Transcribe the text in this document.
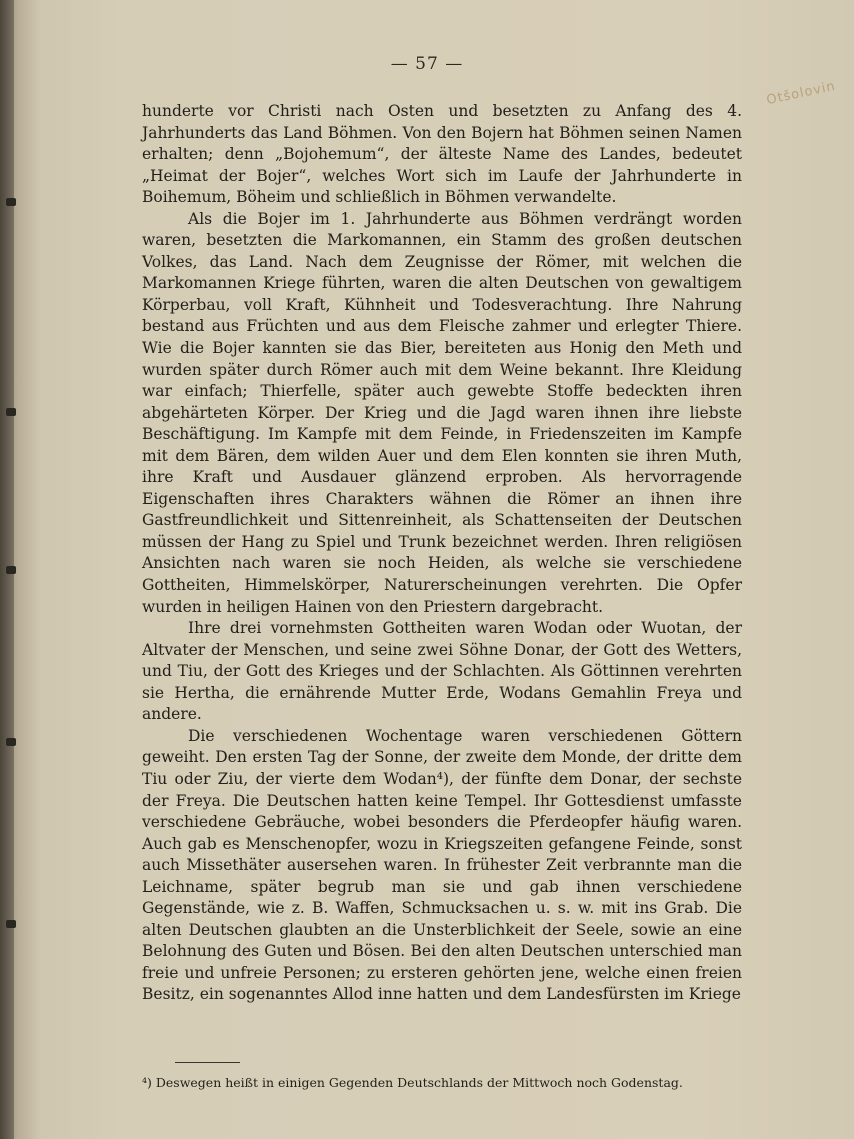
— 57 —
Otšolovin

hunderte vor Christi nach Osten und besetzten zu Anfang des 4. Jahrhunderts das Land Böhmen. Von den Bojern hat Böhmen seinen Namen erhalten; denn „Bojohemum“, der älteste Name des Landes, bedeutet „Heimat der Bojer“, welches Wort sich im Laufe der Jahrhunderte in Boihemum, Böheim und schließlich in Böhmen verwandelte.

Als die Bojer im 1. Jahrhunderte aus Böhmen verdrängt worden waren, besetzten die Markomannen, ein Stamm des großen deutschen Volkes, das Land. Nach dem Zeugnisse der Römer, mit welchen die Markomannen Kriege führten, waren die alten Deutschen von gewaltigem Körperbau, voll Kraft, Kühnheit und Todesverachtung. Ihre Nahrung bestand aus Früchten und aus dem Fleische zahmer und erlegter Thiere. Wie die Bojer kannten sie das Bier, bereiteten aus Honig den Meth und wurden später durch Römer auch mit dem Weine bekannt. Ihre Kleidung war einfach; Thierfelle, später auch gewebte Stoffe bedeckten ihren abgehärteten Körper. Der Krieg und die Jagd waren ihnen ihre liebste Beschäftigung. Im Kampfe mit dem Feinde, in Friedenszeiten im Kampfe mit dem Bären, dem wilden Auer und dem Elen konnten sie ihren Muth, ihre Kraft und Ausdauer glänzend erproben. Als hervorragende Eigenschaften ihres Charakters wähnen die Römer an ihnen ihre Gastfreundlichkeit und Sittenreinheit, als Schattenseiten der Deutschen müssen der Hang zu Spiel und Trunk bezeichnet werden. Ihren religiösen Ansichten nach waren sie noch Heiden, als welche sie verschiedene Gottheiten, Himmelskörper, Naturerscheinungen verehrten. Die Opfer wurden in heiligen Hainen von den Priestern dargebracht.

Ihre drei vornehmsten Gottheiten waren Wodan oder Wuotan, der Altvater der Menschen, und seine zwei Söhne Donar, der Gott des Wetters, und Tiu, der Gott des Krieges und der Schlachten. Als Göttinnen verehrten sie Hertha, die ernährende Mutter Erde, Wodans Gemahlin Freya und andere.

Die verschiedenen Wochentage waren verschiedenen Göttern geweiht. Den ersten Tag der Sonne, der zweite dem Monde, der dritte dem Tiu oder Ziu, der vierte dem Wodan⁴), der fünfte dem Donar, der sechste der Freya. Die Deutschen hatten keine Tempel. Ihr Gottesdienst umfasste verschiedene Gebräuche, wobei besonders die Pferdeopfer häufig waren. Auch gab es Menschenopfer, wozu in Kriegszeiten gefangene Feinde, sonst auch Missethäter ausersehen waren. In frühester Zeit verbrannte man die Leichname, später begrub man sie und gab ihnen verschiedene Gegenstände, wie z. B. Waffen, Schmucksachen u. s. w. mit ins Grab. Die alten Deutschen glaubten an die Unsterblichkeit der Seele, sowie an eine Belohnung des Guten und Bösen. Bei den alten Deutschen unterschied man freie und unfreie Personen; zu ersteren gehörten jene, welche einen freien Besitz, ein sogenanntes Allod inne hatten und dem Landesfürsten im Kriege

⁴) Deswegen heißt in einigen Gegenden Deutschlands der Mittwoch noch Godenstag.
